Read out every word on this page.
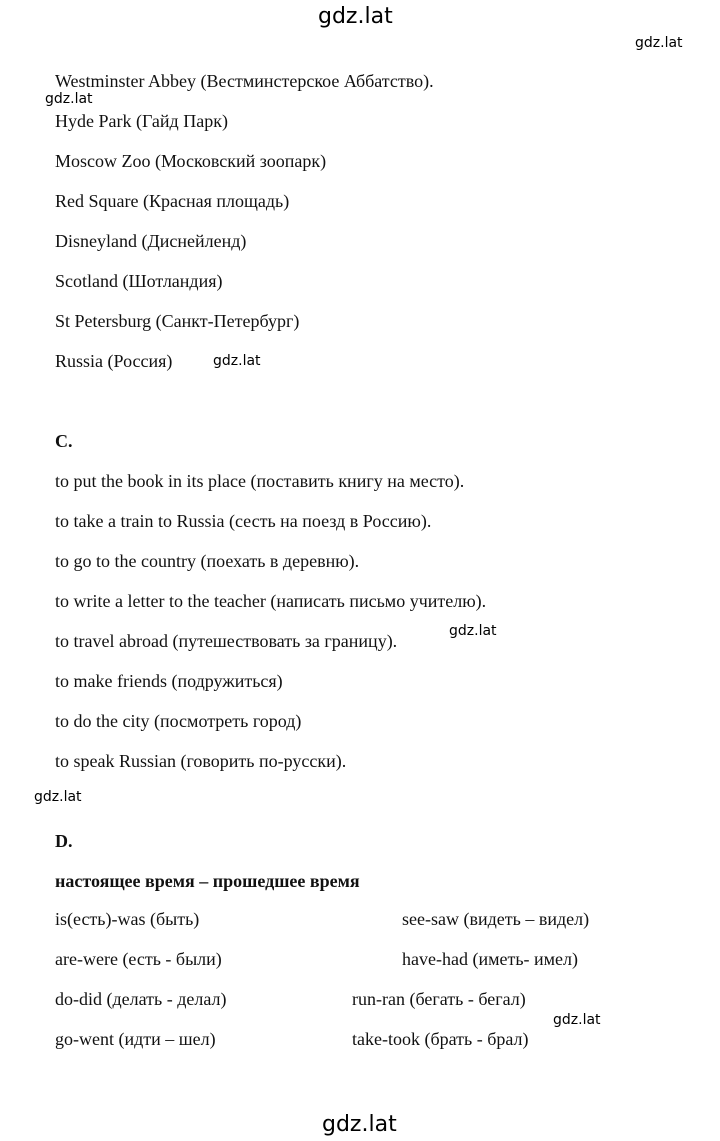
gdz.lat
gdz.lat
gdz.lat
gdz.lat
gdz.lat
gdz.lat
gdz.lat
gdz.lat
Westminster Abbey (Вестминстерское Аббатство).
Hyde Park (Гайд Парк)
Moscow Zoo (Московский зоопарк)
Red Square (Красная площадь)
Disneyland (Диснейленд)
Scotland (Шотландия)
St Petersburg (Санкт-Петербург)
Russia (Россия)
C.
to put the book in its place (поставить книгу на место).
to take a train to Russia (сесть на поезд в Россию).
to go to the country (поехать в деревню).
to write a letter to the teacher (написать письмо учителю).
to travel abroad (путешествовать за границу).
to make friends (подружиться)
to do the city (посмотреть город)
to speak Russian (говорить по-русски).
D.
настоящее время – прошедшее время
is(есть)-was (быть)	see-saw (видеть – видел)
are-were (есть - были)	have-had (иметь- имел)
do-did (делать - делал)	run-ran (бегать - бегал)
go-went (идти – шел)	take-took (брать - брал)
